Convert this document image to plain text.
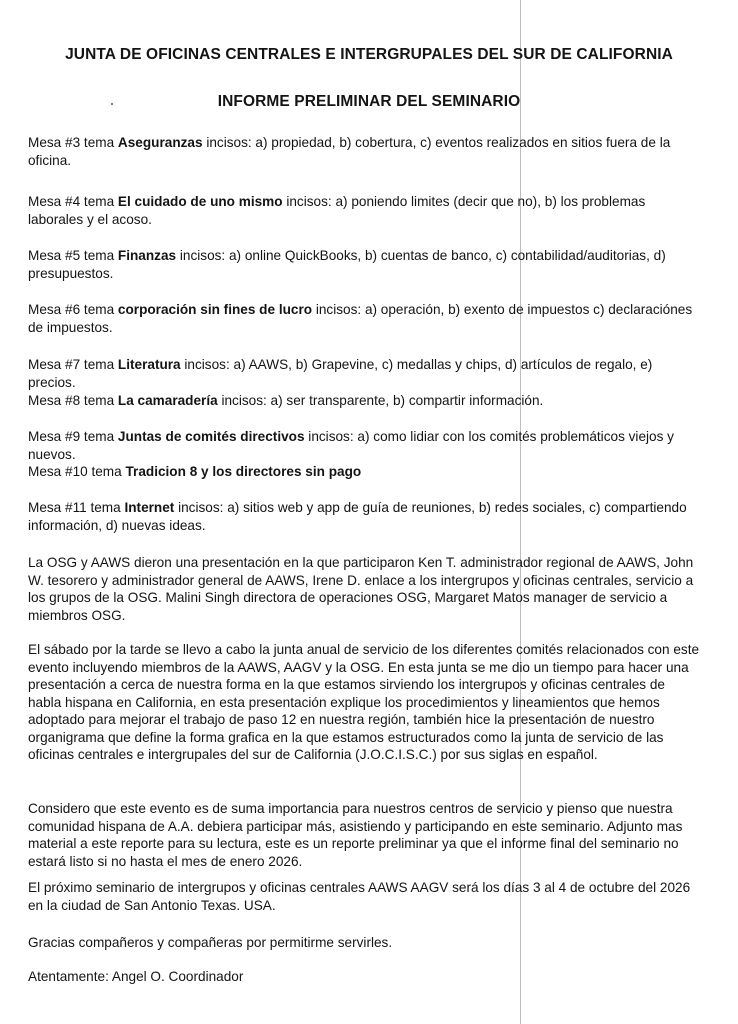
JUNTA DE OFICINAS CENTRALES E INTERGRUPALES DEL SUR DE CALIFORNIA
INFORME PRELIMINAR DEL SEMINARIO

Mesa #3 tema Aseguranzas incisos: a) propiedad, b) cobertura, c) eventos realizados en sitios fuera de la oficina.

Mesa #4 tema El cuidado de uno mismo incisos: a) poniendo limites (decir que no), b) los problemas laborales y el acoso.

Mesa #5 tema Finanzas incisos: a) online QuickBooks, b) cuentas de banco, c) contabilidad/auditorias, d) presupuestos.

Mesa #6 tema corporación sin fines de lucro incisos: a) operación, b) exento de impuestos c) declaraciónes de impuestos.

Mesa #7 tema Literatura incisos: a) AAWS, b) Grapevine, c) medallas y chips, d) artículos de regalo, e) precios.

Mesa #8 tema La camaradería incisos: a) ser transparente, b) compartir información.

Mesa #9 tema Juntas de comités directivos incisos: a) como lidiar con los comités problemáticos viejos y nuevos.

Mesa #10 tema Tradicion 8 y los directores sin pago

Mesa #11 tema Internet incisos: a) sitios web y app de guía de reuniones, b) redes sociales, c) compartiendo información, d) nuevas ideas.

La OSG y AAWS dieron una presentación en la que participaron Ken T. administrador regional de AAWS, John W. tesorero y administrador general de AAWS, Irene D. enlace a los intergrupos y oficinas centrales, servicio a los grupos de la OSG. Malini Singh directora de operaciones OSG, Margaret Matos manager de servicio a miembros OSG.

El sábado por la tarde se llevo a cabo la junta anual de servicio de los diferentes comités relacionados con este evento incluyendo miembros de la AAWS, AAGV y la OSG. En esta junta se me dio un tiempo para hacer una presentación a cerca de nuestra forma en la que estamos sirviendo los intergrupos y oficinas centrales de habla hispana en California, en esta presentación explique los procedimientos y lineamientos que hemos adoptado para mejorar el trabajo de paso 12 en nuestra región, también hice la presentación de nuestro organigrama que define la forma grafica en la que estamos estructurados como la junta de servicio de las oficinas centrales e intergrupales del sur de California (J.O.C.I.S.C.) por sus siglas en español.

Considero que este evento es de suma importancia para nuestros centros de servicio y pienso que nuestra comunidad hispana de A.A. debiera participar más, asistiendo y participando en este seminario. Adjunto mas material a este reporte para su lectura, este es un reporte preliminar ya que el informe final del seminario no estará listo si no hasta el mes de enero 2026.

El próximo seminario de intergrupos y oficinas centrales AAWS AAGV será los días 3 al 4 de octubre del 2026 en la ciudad de San Antonio Texas. USA.

Gracias compañeros y compañeras por permitirme servirles.

Atentamente: Angel O. Coordinador
